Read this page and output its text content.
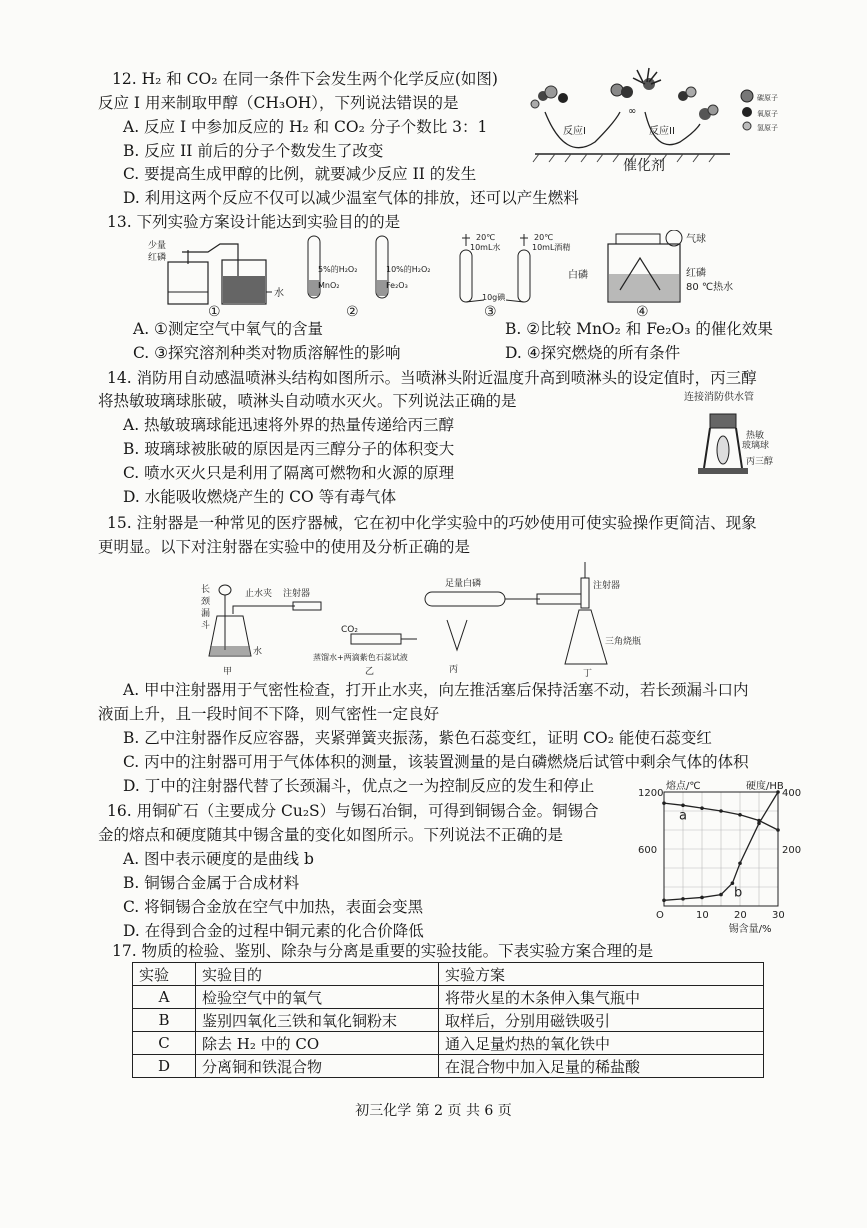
12. H₂ 和 CO₂ 在同一条件下会发生两个化学反应(如图)
反应 I 用来制取甲醇（CH₃OH），下列说法错误的是
A. 反应 I 中参加反应的 H₂ 和 CO₂ 分子个数比 3：1
B. 反应 II 前后的分子个数发生了改变
C. 要提高生成甲醇的比例，就要减少反应 II 的发生
D. 利用这两个反应不仅可以减少温室气体的排放，还可以产生燃料
碳原子
氧原子
氢原子
反应I	反应II
∞
催化剂
13. 下列实验方案设计能达到实验目的的是
少量
红磷
水
①
5%的H₂O₂
MnO₂
10%的H₂O₂
Fe₂O₃
②
20℃
10mL水
20℃
10mL酒精
10g碘
③
气球
白磷	红磷
80 ℃热水
④
A. ①测定空气中氧气的含量	B. ②比较 MnO₂ 和 Fe₂O₃ 的催化效果
C. ③探究溶剂种类对物质溶解性的影响	D. ④探究燃烧的所有条件
14. 消防用自动感温喷淋头结构如图所示。当喷淋头附近温度升高到喷淋头的设定值时，丙三醇
将热敏玻璃球胀破，喷淋头自动喷水灭火。下列说法正确的是
A. 热敏玻璃球能迅速将外界的热量传递给丙三醇
B. 玻璃球被胀破的原因是丙三醇分子的体积变大
C. 喷水灭火只是利用了隔离可燃物和火源的原理
D. 水能吸收燃烧产生的 CO 等有毒气体
连接消防供水管
热敏
玻璃球
丙三醇
15. 注射器是一种常见的医疗器械，它在初中化学实验中的巧妙使用可使实验操作更简洁、现象
更明显。以下对注射器在实验中的使用及分析正确的是
长
颈
漏
斗
止水夹 注射器
水
甲
CO₂
蒸馏水+两滴紫色石蕊试液
乙
足量白磷
丙
注射器
三角烧瓶
丁
A. 甲中注射器用于气密性检查，打开止水夹，向左推活塞后保持活塞不动，若长颈漏斗口内
液面上升，且一段时间不下降，则气密性一定良好
B. 乙中注射器作反应容器，夹紧弹簧夹振荡，紫色石蕊变红，证明 CO₂ 能使石蕊变红
C. 丙中的注射器可用于气体体积的测量，该装置测量的是白磷燃烧后试管中剩余气体的体积
D. 丁中的注射器代替了长颈漏斗，优点之一为控制反应的发生和停止
16. 用铜矿石（主要成分 Cu₂S）与锡石冶铜，可得到铜锡合金。铜锡合
金的熔点和硬度随其中锡含量的变化如图所示。下列说法不正确的是
A. 图中表示硬度的是曲线 b
B. 铜锡合金属于合成材料
C. 将铜锡合金放在空气中加热，表面会变黑
D. 在得到合金的过程中铜元素的化合价降低
a
b
O	10	20	30
600
1200
200
400
熔点/℃	硬度/HB
锡含量/%
17. 物质的检验、鉴别、除杂与分离是重要的实验技能。下表实验方案合理的是
实验	实验目的	实验方案
A	检验空气中的氧气	将带火星的木条伸入集气瓶中
B	鉴别四氧化三铁和氧化铜粉末	取样后，分别用磁铁吸引
C	除去 H₂ 中的 CO	通入足量灼热的氧化铁中
D	分离铜和铁混合物	在混合物中加入足量的稀盐酸
初三化学 第 2 页 共 6 页
